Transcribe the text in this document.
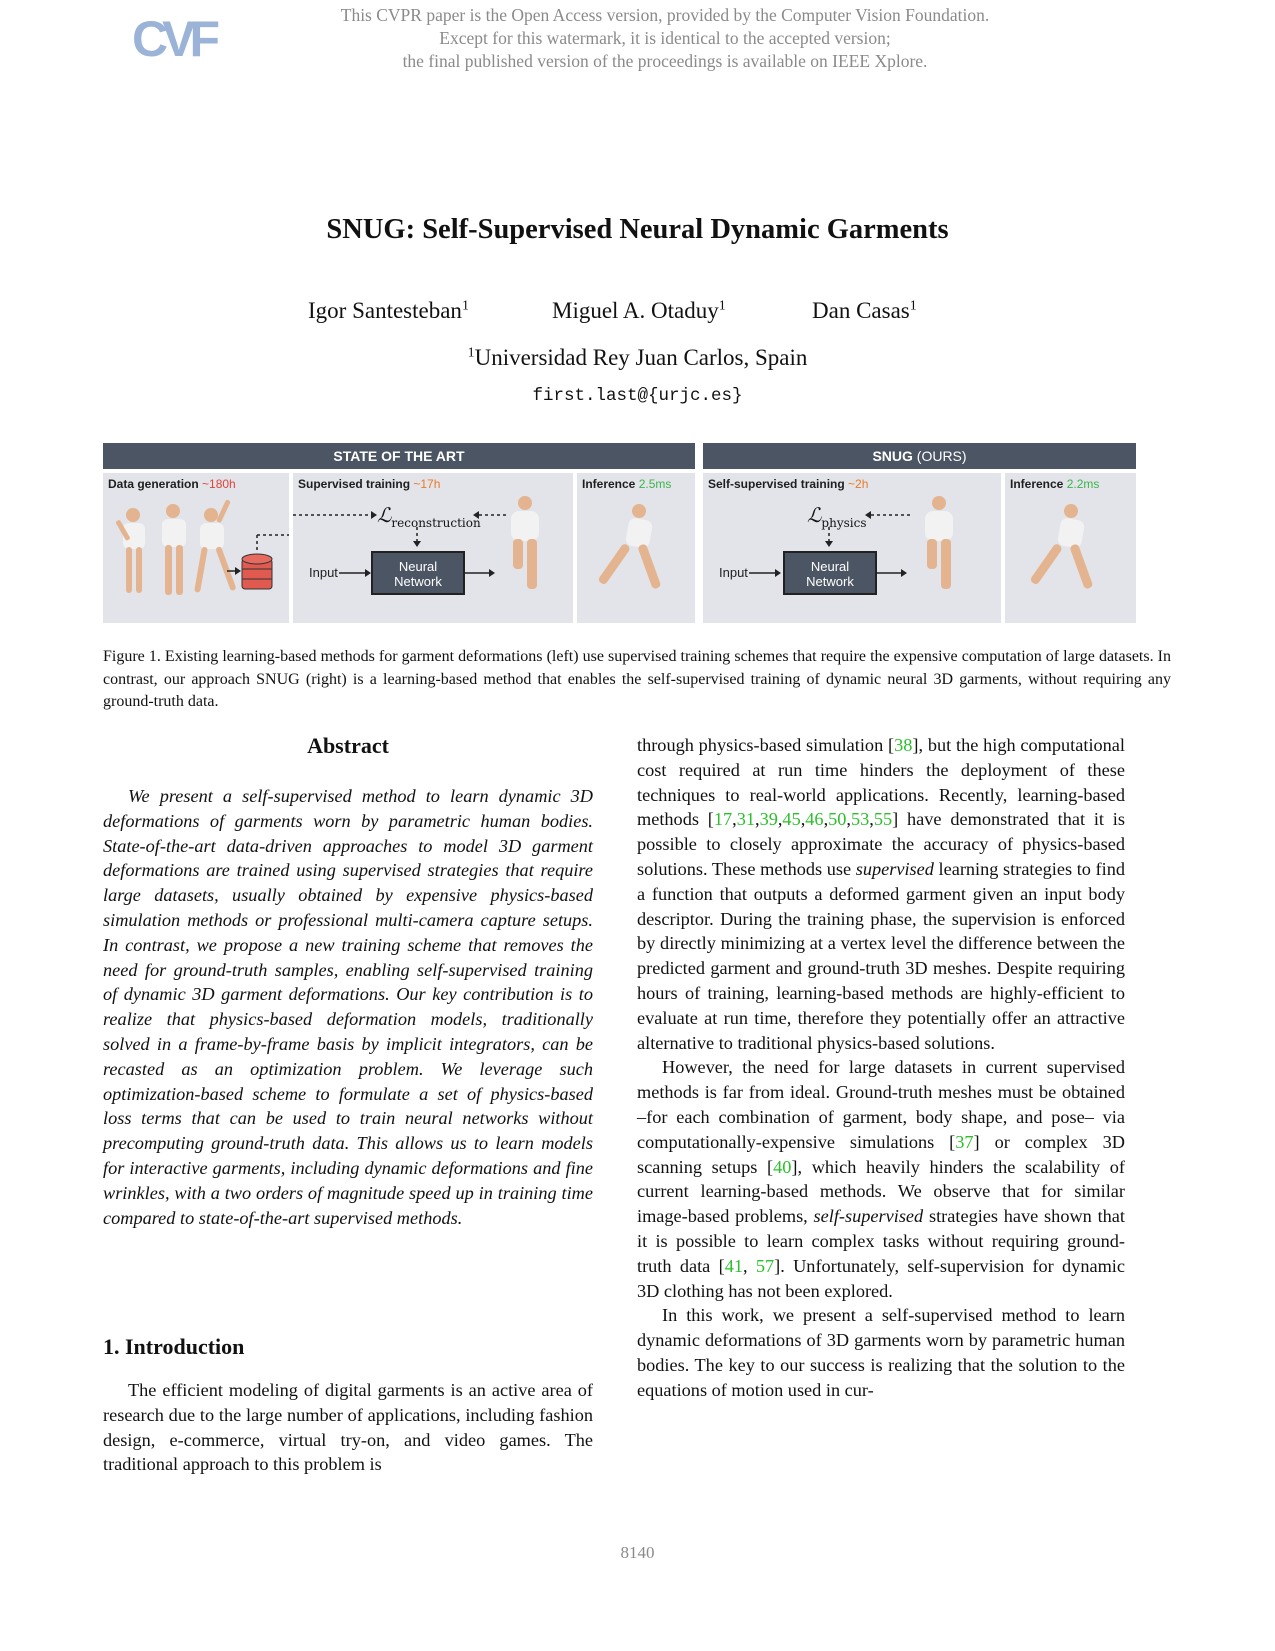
CVF	This CVPR paper is the Open Access version, provided by the Computer Vision Foundation.
Except for this watermark, it is identical to the accepted version;
the final published version of the proceedings is available on IEEE Xplore.
SNUG: Self-Supervised Neural Dynamic Garments
Igor Santesteban$^1$	Miguel A. Otaduy$^1$	Dan Casas$^1$
$^1$Universidad Rey Juan Carlos, Spain
first.last@{urjc.es}
STATE OF THE ART
Data generation ~180h	Supervised training ~17h
ℒ$_{reconstruction}$
Input	Neural
Network
Inference 2.5ms
SNUG (OURS)
Self-supervised training ~2h
ℒ$_{physics}$
Input	Neural
Network
Inference 2.2ms
Figure 1. Existing learning-based methods for garment deformations (left) use supervised training schemes that require the expensive computation of large datasets. In contrast, our approach SNUG (right) is a learning-based method that enables the self-supervised training of dynamic neural 3D garments, without requiring any ground-truth data.
Abstract

We present a self-supervised method to learn dynamic 3D deformations of garments worn by parametric human bodies. State-of-the-art data-driven approaches to model 3D garment deformations are trained using supervised strategies that require large datasets, usually obtained by expensive physics-based simulation methods or professional multi-camera capture setups. In contrast, we propose a new training scheme that removes the need for ground-truth samples, enabling self-supervised training of dynamic 3D garment deformations. Our key contribution is to realize that physics-based deformation models, traditionally solved in a frame-by-frame basis by implicit integrators, can be recasted as an optimization problem. We leverage such optimization-based scheme to formulate a set of physics-based loss terms that can be used to train neural networks without precomputing ground-truth data. This allows us to learn models for interactive garments, including dynamic deformations and fine wrinkles, with a two orders of magnitude speed up in training time compared to state-of-the-art supervised methods.

1. Introduction

The efficient modeling of digital garments is an active area of research due to the large number of applications, including fashion design, e-commerce, virtual try-on, and video games. The traditional approach to this problem is

through physics-based simulation [38], but the high computational cost required at run time hinders the deployment of these techniques to real-world applications. Recently, learning-based methods [17,31,39,45,46,50,53,55] have demonstrated that it is possible to closely approximate the accuracy of physics-based solutions. These methods use supervised learning strategies to find a function that outputs a deformed garment given an input body descriptor. During the training phase, the supervision is enforced by directly minimizing at a vertex level the difference between the predicted garment and ground-truth 3D meshes. Despite requiring hours of training, learning-based methods are highly-efficient to evaluate at run time, therefore they potentially offer an attractive alternative to traditional physics-based solutions.

However, the need for large datasets in current supervised methods is far from ideal. Ground-truth meshes must be obtained –for each combination of garment, body shape, and pose– via computationally-expensive simulations [37] or complex 3D scanning setups [40], which heavily hinders the scalability of current learning-based methods. We observe that for similar image-based problems, self-supervised strategies have shown that it is possible to learn complex tasks without requiring ground-truth data [41, 57]. Unfortunately, self-supervision for dynamic 3D clothing has not been explored.

In this work, we present a self-supervised method to learn dynamic deformations of 3D garments worn by parametric human bodies. The key to our success is realizing that the solution to the equations of motion used in cur-

8140
